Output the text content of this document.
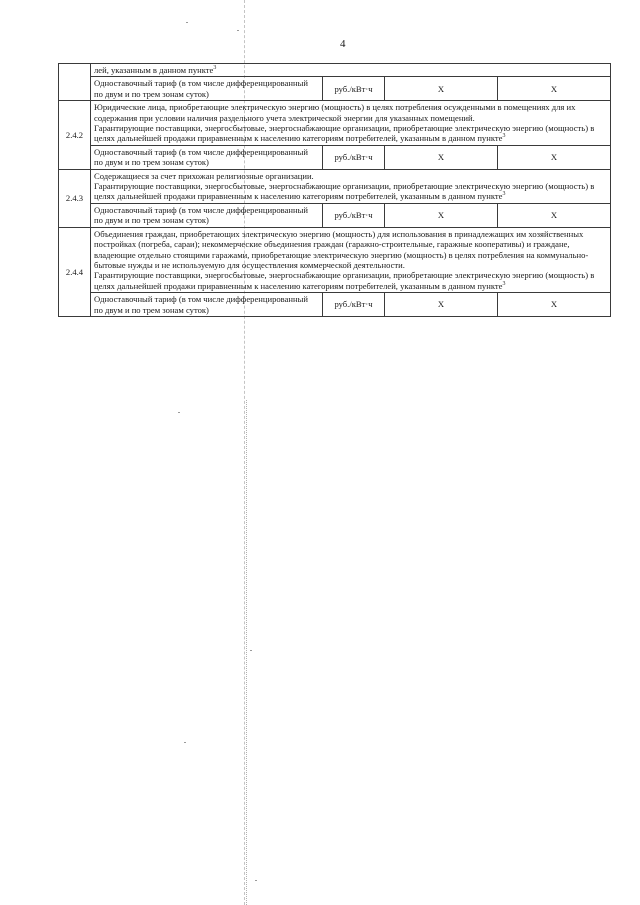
4
	лей, указанным в данном пункте$^3$
	Одноставочный тариф (в том числе дифференцированный по двум и по трем зонам суток)	руб./кВт·ч	Х	Х
2.4.2	Юридические лица, приобретающие электрическую энергию (мощность) в целях потребления осужденными в помещениях для их содержания при условии наличия раздельного учета электрической энергии для указанных помещений.
Гарантирующие поставщики, энергосбытовые, энергоснабжающие организации, приобретающие электрическую энергию (мощность) в целях дальнейшей продажи приравненным к населению категориям потребителей, указанным в данном пункте$^3$
	Одноставочный тариф (в том числе дифференцированный по двум и по трем зонам суток)	руб./кВт·ч	Х	Х
2.4.3	Содержащиеся за счет прихожан религиозные организации.
Гарантирующие поставщики, энергосбытовые, энергоснабжающие организации, приобретающие электрическую энергию (мощность) в целях дальнейшей продажи приравненным к населению категориям потребителей, указанным в данном пункте$^3$
	Одноставочный тариф (в том числе дифференцированный по двум и по трем зонам суток)	руб./кВт·ч	Х	Х
2.4.4	Объединения граждан, приобретающих электрическую энергию (мощность) для использования в принадлежащих им хозяйственных постройках (погреба, сараи); некоммерческие объединения граждан (гаражно-строительные, гаражные кооперативы) и граждане, владеющие отдельно стоящими гаражами, приобретающие электрическую энергию (мощность) в целях потребления на коммунально-бытовые нужды и не используемую для осуществления коммерческой деятельности.
Гарантирующие поставщики, энергосбытовые, энергоснабжающие организации, приобретающие электрическую энергию (мощность) в целях дальнейшей продажи приравненным к населению категориям потребителей, указанным в данном пункте$^3$
	Одноставочный тариф (в том числе дифференцированный по двум и по трем зонам суток)	руб./кВт·ч	Х	Х
